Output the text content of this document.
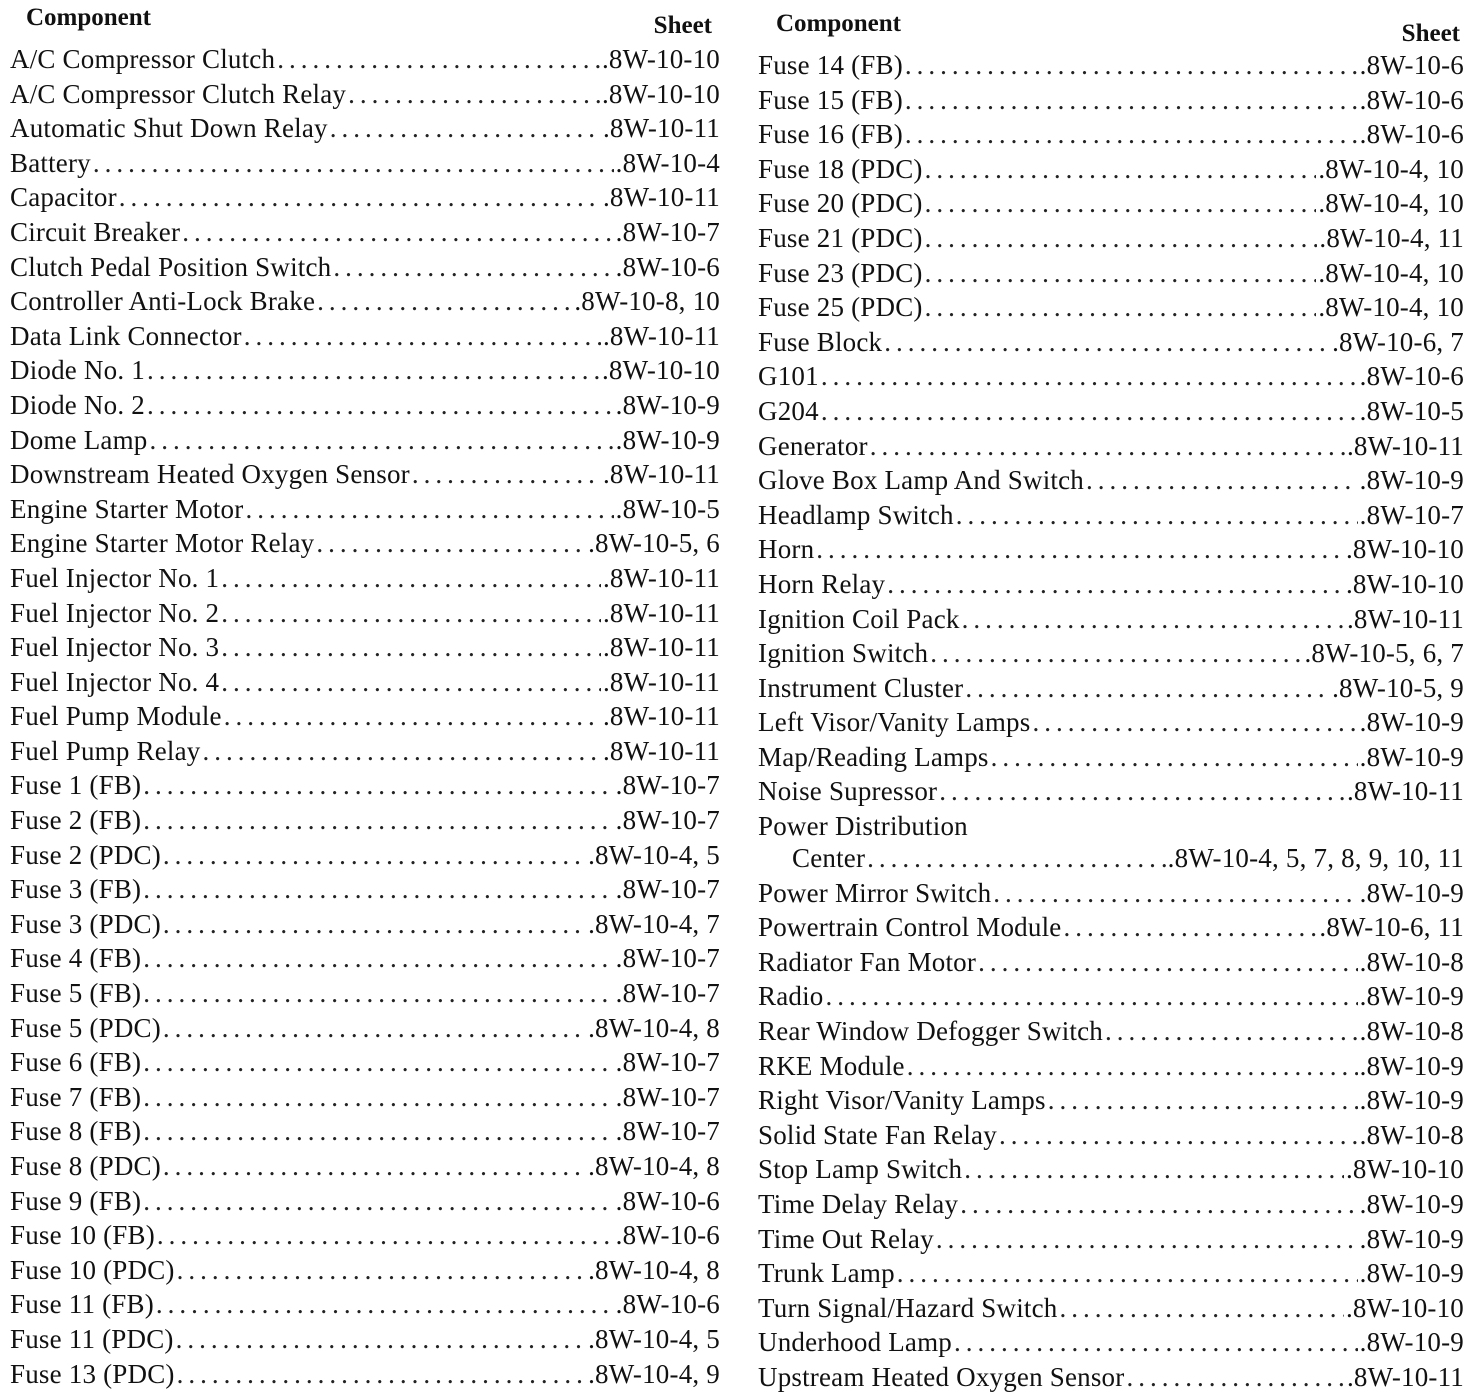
Component	Sheet
A/C Compressor Clutch .....	.8W-10-10
A/C Compressor Clutch Relay .....	.8W-10-10
Automatic Shut Down Relay .....	.8W-10-11
Battery .....	.8W-10-4
Capacitor .....	.8W-10-11
Circuit Breaker .....	.8W-10-7
Clutch Pedal Position Switch .....	.8W-10-6
Controller Anti-Lock Brake .....	.8W-10-8, 10
Data Link Connector .....	.8W-10-11
Diode No. 1 .....	.8W-10-10
Diode No. 2 .....	.8W-10-9
Dome Lamp .....	.8W-10-9
Downstream Heated Oxygen Sensor .....	.8W-10-11
Engine Starter Motor .....	.8W-10-5
Engine Starter Motor Relay .....	.8W-10-5, 6
Fuel Injector No. 1 .....	.8W-10-11
Fuel Injector No. 2 .....	.8W-10-11
Fuel Injector No. 3 .....	.8W-10-11
Fuel Injector No. 4 .....	.8W-10-11
Fuel Pump Module .....	.8W-10-11
Fuel Pump Relay .....	.8W-10-11
Fuse 1 (FB) .....	.8W-10-7
Fuse 2 (FB) .....	.8W-10-7
Fuse 2 (PDC) .....	.8W-10-4, 5
Fuse 3 (FB) .....	.8W-10-7
Fuse 3 (PDC) .....	.8W-10-4, 7
Fuse 4 (FB) .....	.8W-10-7
Fuse 5 (FB) .....	.8W-10-7
Fuse 5 (PDC) .....	.8W-10-4, 8
Fuse 6 (FB) .....	.8W-10-7
Fuse 7 (FB) .....	.8W-10-7
Fuse 8 (FB) .....	.8W-10-7
Fuse 8 (PDC) .....	.8W-10-4, 8
Fuse 9 (FB) .....	.8W-10-6
Fuse 10 (FB) .....	.8W-10-6
Fuse 10 (PDC) .....	.8W-10-4, 8
Fuse 11 (FB) .....	.8W-10-6
Fuse 11 (PDC) .....	.8W-10-4, 5
Fuse 13 (PDC) .....	.8W-10-4, 9
Component	Sheet
Fuse 14 (FB) .....	.8W-10-6
Fuse 15 (FB) .....	.8W-10-6
Fuse 16 (FB) .....	.8W-10-6
Fuse 18 (PDC) .....	.8W-10-4, 10
Fuse 20 (PDC) .....	.8W-10-4, 10
Fuse 21 (PDC) .....	.8W-10-4, 11
Fuse 23 (PDC) .....	.8W-10-4, 10
Fuse 25 (PDC) .....	.8W-10-4, 10
Fuse Block .....	.8W-10-6, 7
G101 .....	.8W-10-6
G204 .....	.8W-10-5
Generator .....	.8W-10-11
Glove Box Lamp And Switch .....	.8W-10-9
Headlamp Switch .....	.8W-10-7
Horn .....	.8W-10-10
Horn Relay .....	.8W-10-10
Ignition Coil Pack .....	.8W-10-11
Ignition Switch .....	.8W-10-5, 6, 7
Instrument Cluster .....	.8W-10-5, 9
Left Visor/Vanity Lamps .....	.8W-10-9
Map/Reading Lamps .....	.8W-10-9
Noise Supressor .....	.8W-10-11
Power Distribution
Center .....	.8W-10-4, 5, 7, 8, 9, 10, 11
Power Mirror Switch .....	.8W-10-9
Powertrain Control Module .....	.8W-10-6, 11
Radiator Fan Motor .....	.8W-10-8
Radio .....	.8W-10-9
Rear Window Defogger Switch .....	.8W-10-8
RKE Module .....	.8W-10-9
Right Visor/Vanity Lamps .....	.8W-10-9
Solid State Fan Relay .....	.8W-10-8
Stop Lamp Switch .....	.8W-10-10
Time Delay Relay .....	.8W-10-9
Time Out Relay .....	.8W-10-9
Trunk Lamp .....	.8W-10-9
Turn Signal/Hazard Switch .....	.8W-10-10
Underhood Lamp .....	.8W-10-9
Upstream Heated Oxygen Sensor .....	.8W-10-11
